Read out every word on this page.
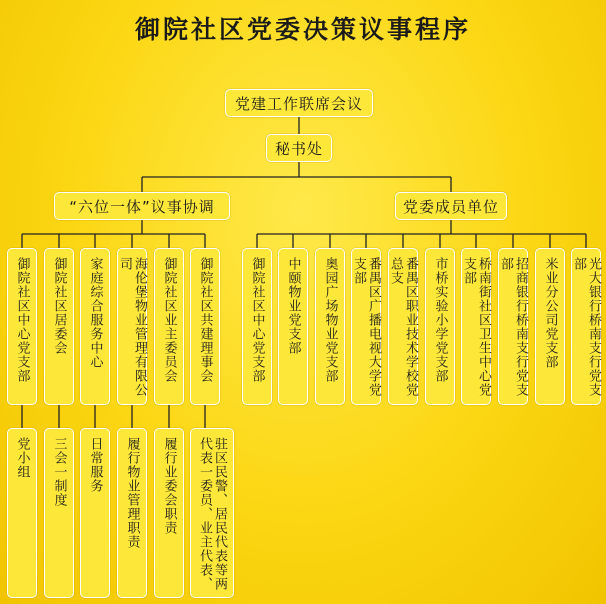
御院社区党委决策议事程序
党建工作联席会议
秘书处
“六位一体”议事协调	党委成员单位
御院社区中心党支部 御院社区居委会 家庭综合服务中心	海伦堡物业管理有限公司	御院社区业主委员会 御院社区共建理事会
党小组 三会一制度 日常服务 履行物业管理职责 履行业委会职责	驻区民警、居民代表等两代表一委员、业主代表、
御院社区中心党支部 中颐物业党支部 奥园广场物业党支部	番禺区广播电视大学党支部	番禺区职业技术学校党总支	市桥实验小学党支部	桥南街社区卫生中心党支部	招商银行桥南支行党支部	米业分公司党支部	光大银行桥南支行党支部
